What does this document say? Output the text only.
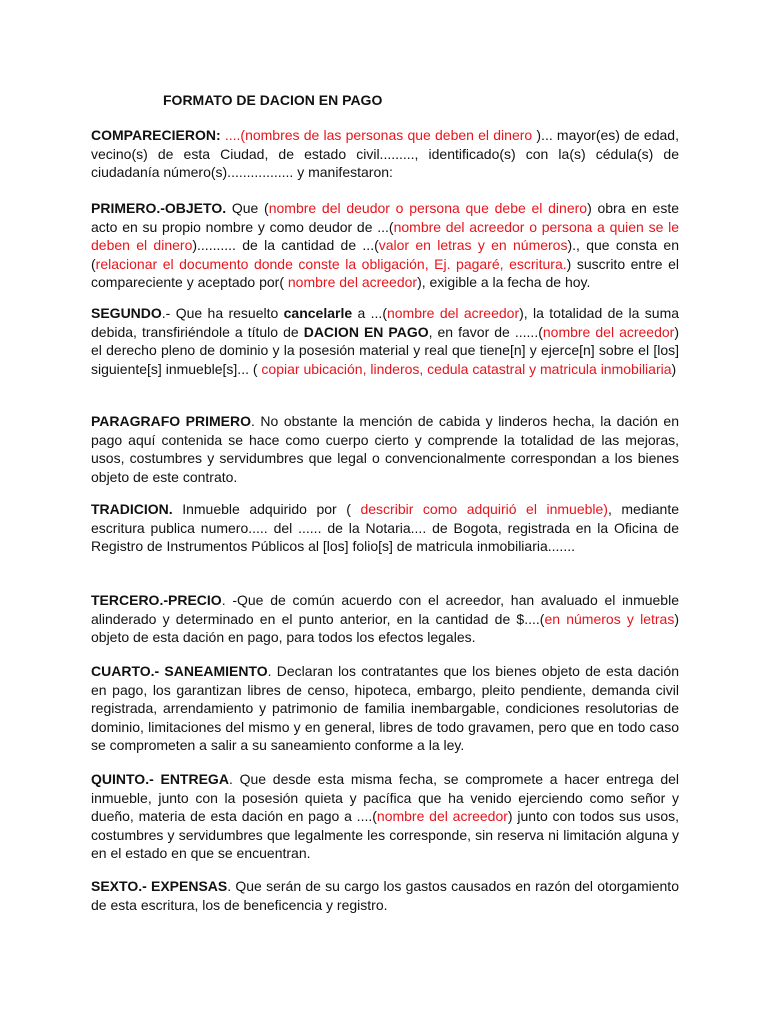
FORMATO DE DACION EN PAGO

COMPARECIERON: ....(nombres de las personas que deben el dinero )... mayor(es) de edad, vecino(s) de esta Ciudad, de estado civil........., identificado(s) con la(s) cédula(s) de ciudadanía número(s)................. y manifestaron:

PRIMERO.-OBJETO. Que (nombre del deudor o persona que debe el dinero) obra en este acto en su propio nombre y como deudor de ...(nombre del acreedor o persona a quien se le deben el dinero).......... de la cantidad de ...(valor en letras y en números)., que consta en (relacionar el documento donde conste la obligación, Ej. pagaré, escritura.) suscrito entre el compareciente y aceptado por( nombre del acreedor), exigible a la fecha de hoy.

SEGUNDO.- Que ha resuelto cancelarle a ...(nombre del acreedor), la totalidad de la suma debida, transfiriéndole a título de DACION EN PAGO, en favor de ......(nombre del acreedor) el derecho pleno de dominio y la posesión material y real que tiene[n] y ejerce[n] sobre el [los] siguiente[s] inmueble[s]... ( copiar ubicación, linderos, cedula catastral y matricula inmobiliaria)

PARAGRAFO PRIMERO. No obstante la mención de cabida y linderos hecha, la dación en pago aquí contenida se hace como cuerpo cierto y comprende la totalidad de las mejoras, usos, costumbres y servidumbres que legal o convencionalmente correspondan a los bienes objeto de este contrato.

TRADICION. Inmueble adquirido por ( describir como adquirió el inmueble), mediante escritura publica numero..... del ...... de la Notaria.... de Bogota, registrada en la Oficina de Registro de Instrumentos Públicos al [los] folio[s] de matricula inmobiliaria.......

TERCERO.-PRECIO. -Que de común acuerdo con el acreedor, han avaluado el inmueble alinderado y determinado en el punto anterior, en la cantidad de $....(en números y letras) objeto de esta dación en pago, para todos los efectos legales.

CUARTO.- SANEAMIENTO. Declaran los contratantes que los bienes objeto de esta dación en pago, los garantizan libres de censo, hipoteca, embargo, pleito pendiente, demanda civil registrada, arrendamiento y patrimonio de familia inembargable, condiciones resolutorias de dominio, limitaciones del mismo y en general, libres de todo gravamen, pero que en todo caso se comprometen a salir a su saneamiento conforme a la ley.

QUINTO.- ENTREGA. Que desde esta misma fecha, se compromete a hacer entrega del inmueble, junto con la posesión quieta y pacífica que ha venido ejerciendo como señor y dueño, materia de esta dación en pago a ....(nombre del acreedor) junto con todos sus usos, costumbres y servidumbres que legalmente les corresponde, sin reserva ni limitación alguna y en el estado en que se encuentran.

SEXTO.- EXPENSAS. Que serán de su cargo los gastos causados en razón del otorgamiento de esta escritura, los de beneficencia y registro.
